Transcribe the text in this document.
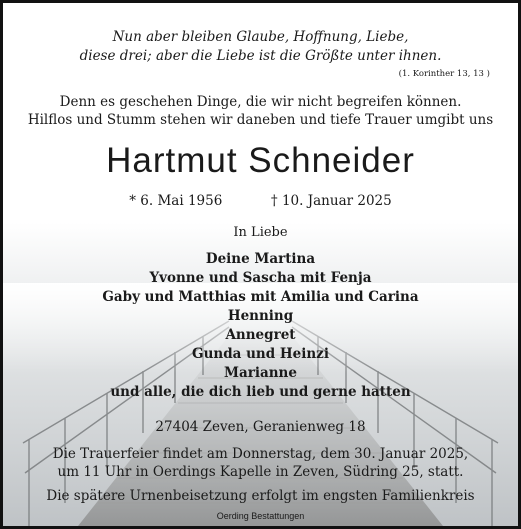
Nun aber bleiben Glaube, Hoffnung, Liebe,
diese drei; aber die Liebe ist die Größte unter ihnen.
(1. Korinther 13, 13 )
Denn es geschehen Dinge, die wir nicht begreifen können.
Hilflos und Stumm stehen wir daneben und tiefe Trauer umgibt uns
Hartmut Schneider
* 6. Mai 1956	† 10. Januar 2025
In Liebe
Deine Martina
Yvonne und Sascha mit Fenja
Gaby und Matthias mit Amilia und Carina
Henning
Annegret
Gunda und Heinzi
Marianne
und alle, die dich lieb und gerne hatten
27404 Zeven, Geranienweg 18
Die Trauerfeier findet am Donnerstag, dem 30. Januar 2025,
um 11 Uhr in Oerdings Kapelle in Zeven, Südring 25, statt.
Die spätere Urnenbeisetzung erfolgt im engsten Familienkreis
Oerding Bestattungen
